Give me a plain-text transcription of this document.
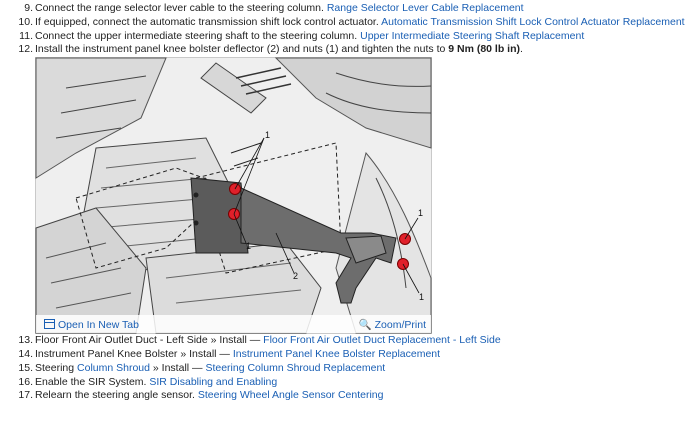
9. Connect the range selector lever cable to the steering column. Range Selector Lever Cable Replacement
10. If equipped, connect the automatic transmission shift lock control actuator. Automatic Transmission Shift Lock Control Actuator Replacement
11. Connect the upper intermediate steering shaft to the steering column. Upper Intermediate Steering Shaft Replacement
12. Install the instrument panel knee bolster deflector (2) and nuts (1) and tighten the nuts to 9 Nm (80 lb in).
1
1
1
1
2
Open In New Tab	🔍 Zoom/Print
13. Floor Front Air Outlet Duct - Left Side » Install — Floor Front Air Outlet Duct Replacement - Left Side
14. Instrument Panel Knee Bolster » Install — Instrument Panel Knee Bolster Replacement
15. Steering Column Shroud » Install — Steering Column Shroud Replacement
16. Enable the SIR System. SIR Disabling and Enabling
17. Relearn the steering angle sensor. Steering Wheel Angle Sensor Centering
